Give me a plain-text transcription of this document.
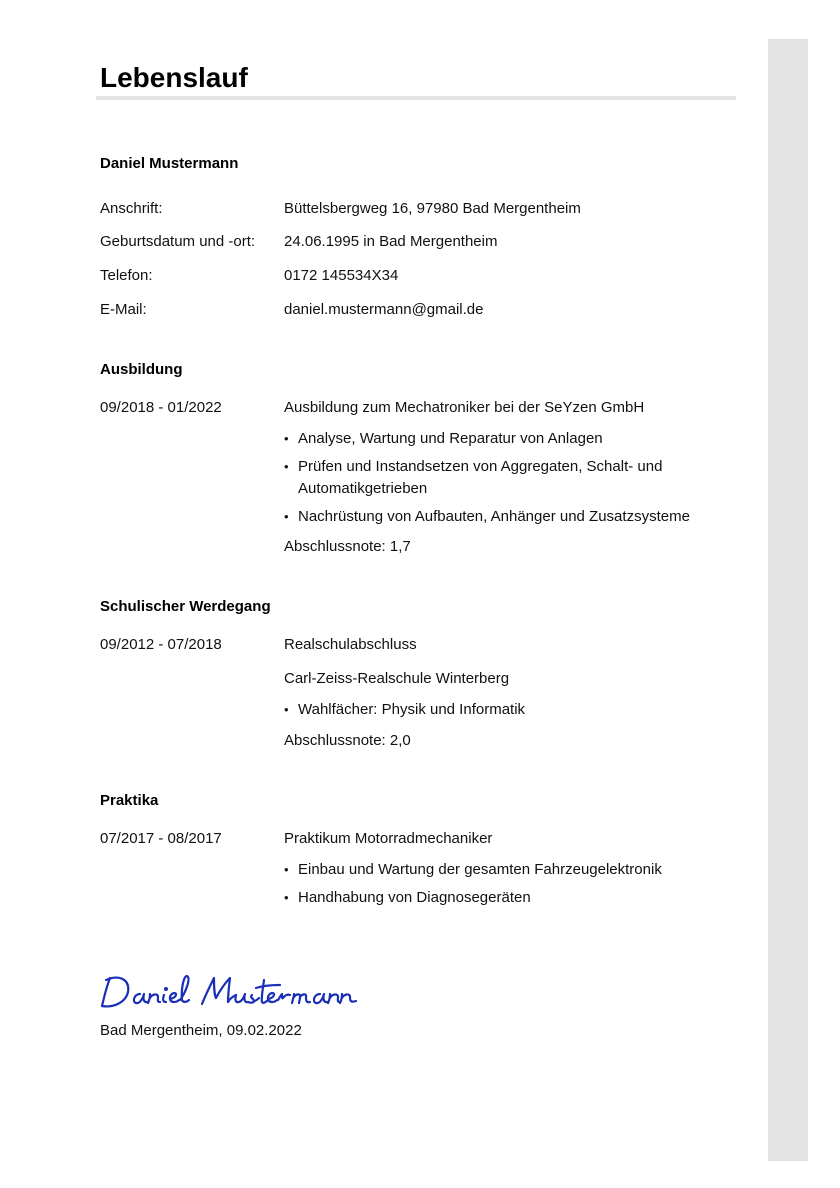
Lebenslauf
Daniel Mustermann
Anschrift:	Büttelsbergweg 16, 97980 Bad Mergentheim
Geburtsdatum und -ort: 24.06.1995 in Bad Mergentheim
Telefon:	0172 145534X34
E-Mail:	daniel.mustermann@gmail.de
Ausbildung
09/2018 - 01/2022	Ausbildung zum Mechatroniker bei der SeYzen GmbH
• Analyse, Wartung und Reparatur von Anlagen
• Prüfen und Instandsetzen von Aggregaten, Schalt- und Automatikgetrieben
• Nachrüstung von Aufbauten, Anhänger und Zusatzsysteme
Abschlussnote: 1,7
Schulischer Werdegang
09/2012 - 07/2018	Realschulabschluss
Carl-Zeiss-Realschule Winterberg
• Wahlfächer: Physik und Informatik
Abschlussnote: 2,0
Praktika
07/2017 - 08/2017	Praktikum Motorradmechaniker
• Einbau und Wartung der gesamten Fahrzeugelektronik
• Handhabung von Diagnosegeräten
Bad Mergentheim, 09.02.2022
